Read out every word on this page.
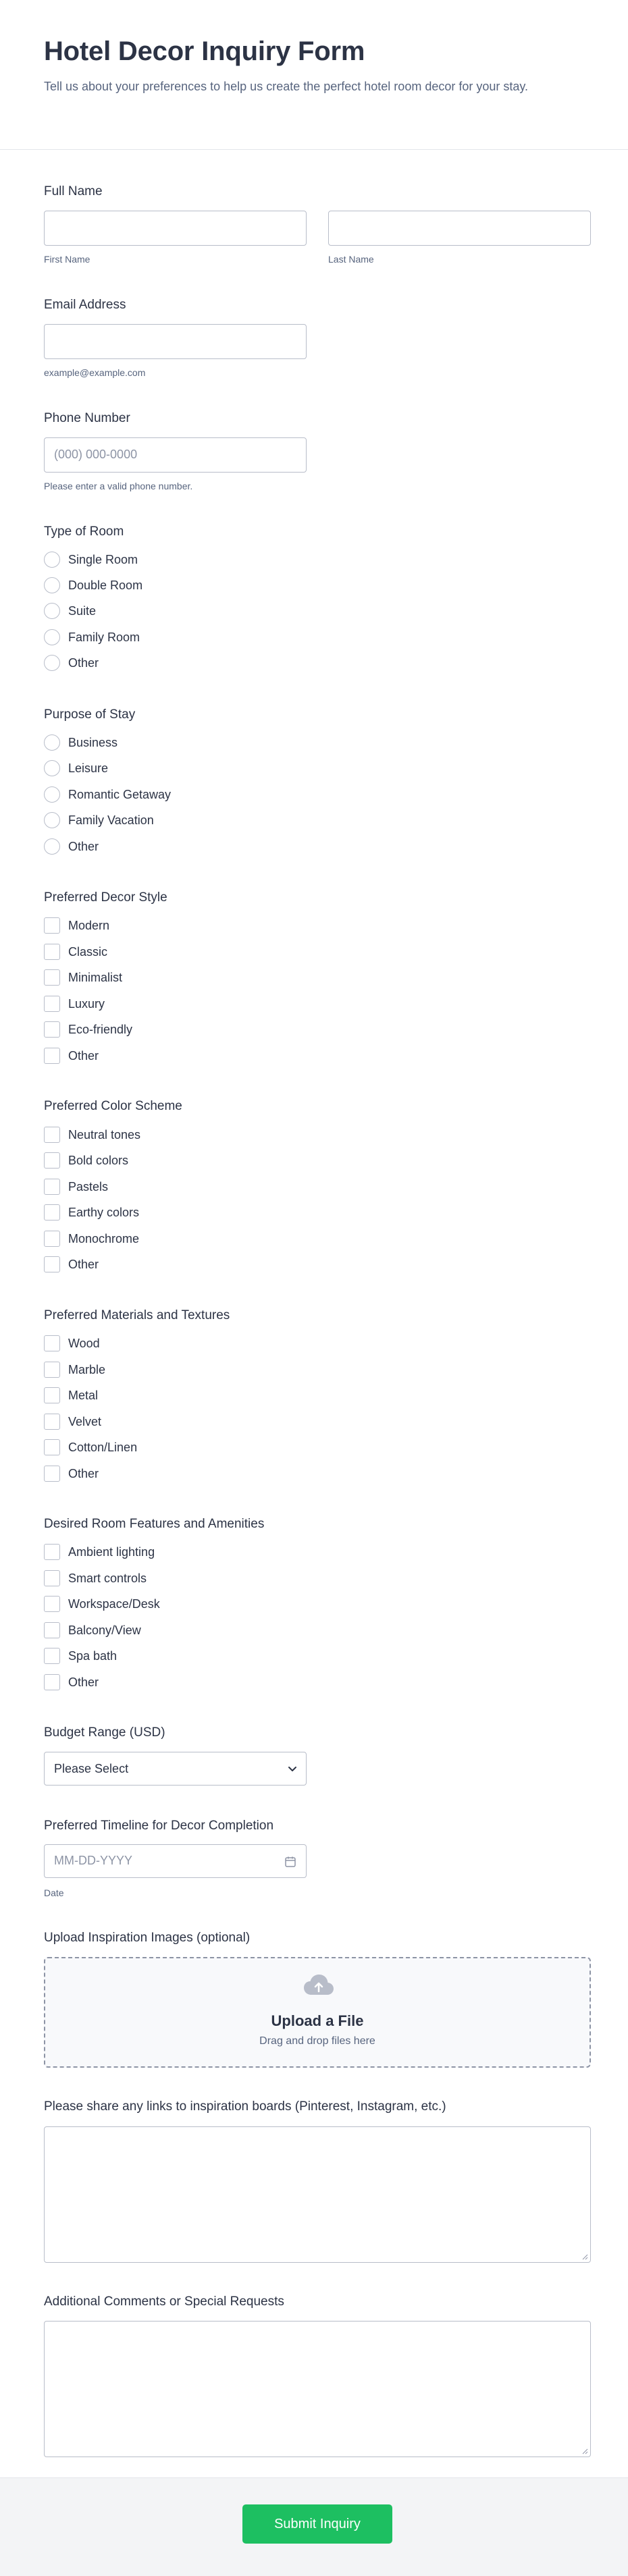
Hotel Decor Inquiry Form

Tell us about your preferences to help us create the perfect hotel room decor for your stay.

Full Name
First Name	Last Name
Email Address
example@example.com
Phone Number
(000) 000-0000
Please enter a valid phone number.
Type of Room
Single Room
Double Room
Suite
Family Room
Other
Purpose of Stay
Business
Leisure
Romantic Getaway
Family Vacation
Other
Preferred Decor Style
Modern
Classic
Minimalist
Luxury
Eco-friendly
Other
Preferred Color Scheme
Neutral tones
Bold colors
Pastels
Earthy colors
Monochrome
Other
Preferred Materials and Textures
Wood
Marble
Metal
Velvet
Cotton/Linen
Other
Desired Room Features and Amenities
Ambient lighting
Smart controls
Workspace/Desk
Balcony/View
Spa bath
Other
Budget Range (USD)
Please Select
Preferred Timeline for Decor Completion
MM-DD-YYYY
Date
Upload Inspiration Images (optional)
Upload a File
Drag and drop files here
Please share any links to inspiration boards (Pinterest, Instagram, etc.)
Additional Comments or Special Requests
Submit Inquiry
